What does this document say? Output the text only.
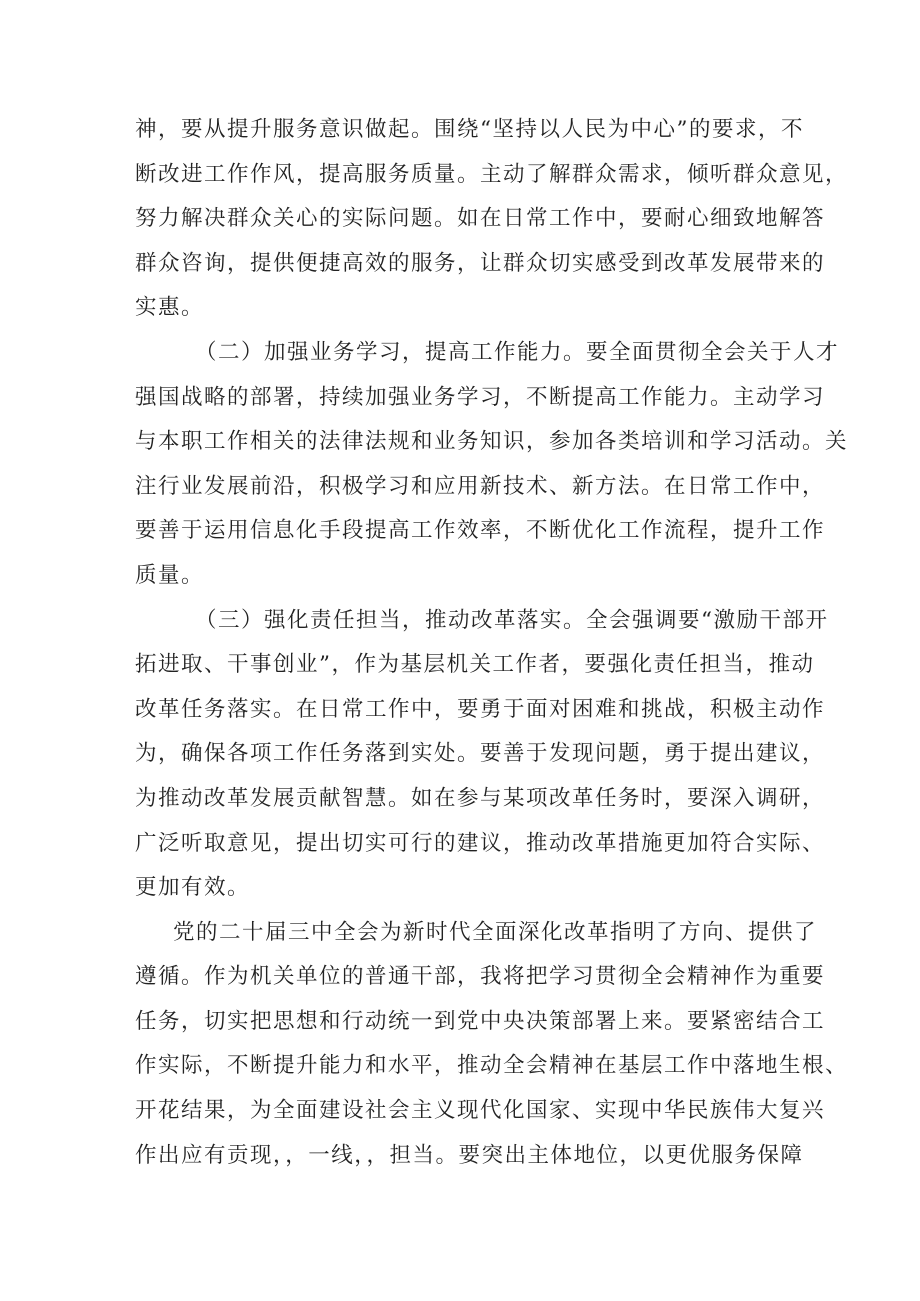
神，要从提升服务意识做起。围绕“坚持以人民为中心”的要求，不
断改进工作作风，提高服务质量。主动了解群众需求，倾听群众意见，
努力解决群众关心的实际问题。如在日常工作中，要耐心细致地解答
群众咨询，提供便捷高效的服务，让群众切实感受到改革发展带来的
实惠。
（二）加强业务学习，提高工作能力。要全面贯彻全会关于人才
强国战略的部署，持续加强业务学习，不断提高工作能力。主动学习
与本职工作相关的法律法规和业务知识，参加各类培训和学习活动。关
注行业发展前沿，积极学习和应用新技术、新方法。在日常工作中，
要善于运用信息化手段提高工作效率，不断优化工作流程，提升工作
质量。
（三）强化责任担当，推动改革落实。全会强调要“激励干部开
拓进取、干事创业”，作为基层机关工作者，要强化责任担当，推动
改革任务落实。在日常工作中，要勇于面对困难和挑战，积极主动作
为，确保各项工作任务落到实处。要善于发现问题，勇于提出建议，
为推动改革发展贡献智慧。如在参与某项改革任务时，要深入调研，
广泛听取意见，提出切实可行的建议，推动改革措施更加符合实际、
更加有效。
党的二十届三中全会为新时代全面深化改革指明了方向、提供了
遵循。作为机关单位的普通干部，我将把学习贯彻全会精神作为重要
任务，切实把思想和行动统一到党中央决策部署上来。要紧密结合工
作实际，不断提升能力和水平，推动全会精神在基层工作中落地生根、
开花结果，为全面建设社会主义现代化国家、实现中华民族伟大复兴
作出应有贡现，，一线，，担当。要突出主体地位，以更优服务保障
